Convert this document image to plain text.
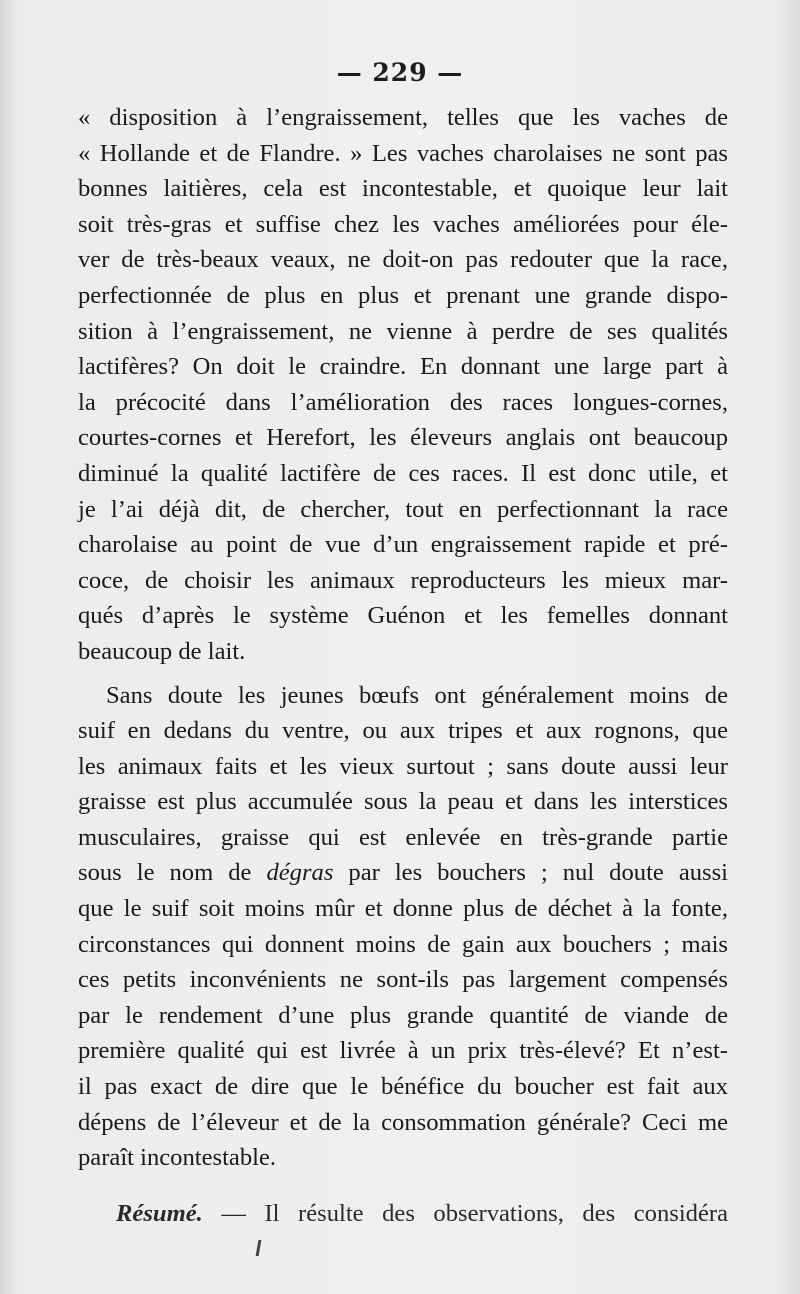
— 229 —
« disposition à l’engraissement, telles que les vaches de
« Hollande et de Flandre. » Les vaches charolaises ne sont pas
bonnes laitières, cela est incontestable, et quoique leur lait
soit très-gras et suffise chez les vaches améliorées pour éle-
ver de très-beaux veaux, ne doit-on pas redouter que la race,
perfectionnée de plus en plus et prenant une grande dispo-
sition à l’engraissement, ne vienne à perdre de ses qualités
lactifères? On doit le craindre. En donnant une large part à
la précocité dans l’amélioration des races longues-cornes,
courtes-cornes et Herefort, les éleveurs anglais ont beaucoup
diminué la qualité lactifère de ces races. Il est donc utile, et
je l’ai déjà dit, de chercher, tout en perfectionnant la race
charolaise au point de vue d’un engraissement rapide et pré-
coce, de choisir les animaux reproducteurs les mieux mar-
qués d’après le système Guénon et les femelles donnant
beaucoup de lait.
Sans doute les jeunes bœufs ont généralement moins de
suif en dedans du ventre, ou aux tripes et aux rognons, que
les animaux faits et les vieux surtout ; sans doute aussi leur
graisse est plus accumulée sous la peau et dans les interstices
musculaires, graisse qui est enlevée en très-grande partie
sous le nom de dégras par les bouchers ; nul doute aussi
que le suif soit moins mûr et donne plus de déchet à la fonte,
circonstances qui donnent moins de gain aux bouchers ; mais
ces petits inconvénients ne sont-ils pas largement compensés
par le rendement d’une plus grande quantité de viande de
première qualité qui est livrée à un prix très-élevé? Et n’est-
il pas exact de dire que le bénéfice du boucher est fait aux
dépens de l’éleveur et de la consommation générale? Ceci me
paraît incontestable.
Résumé. — Il résulte des observations, des considéra
